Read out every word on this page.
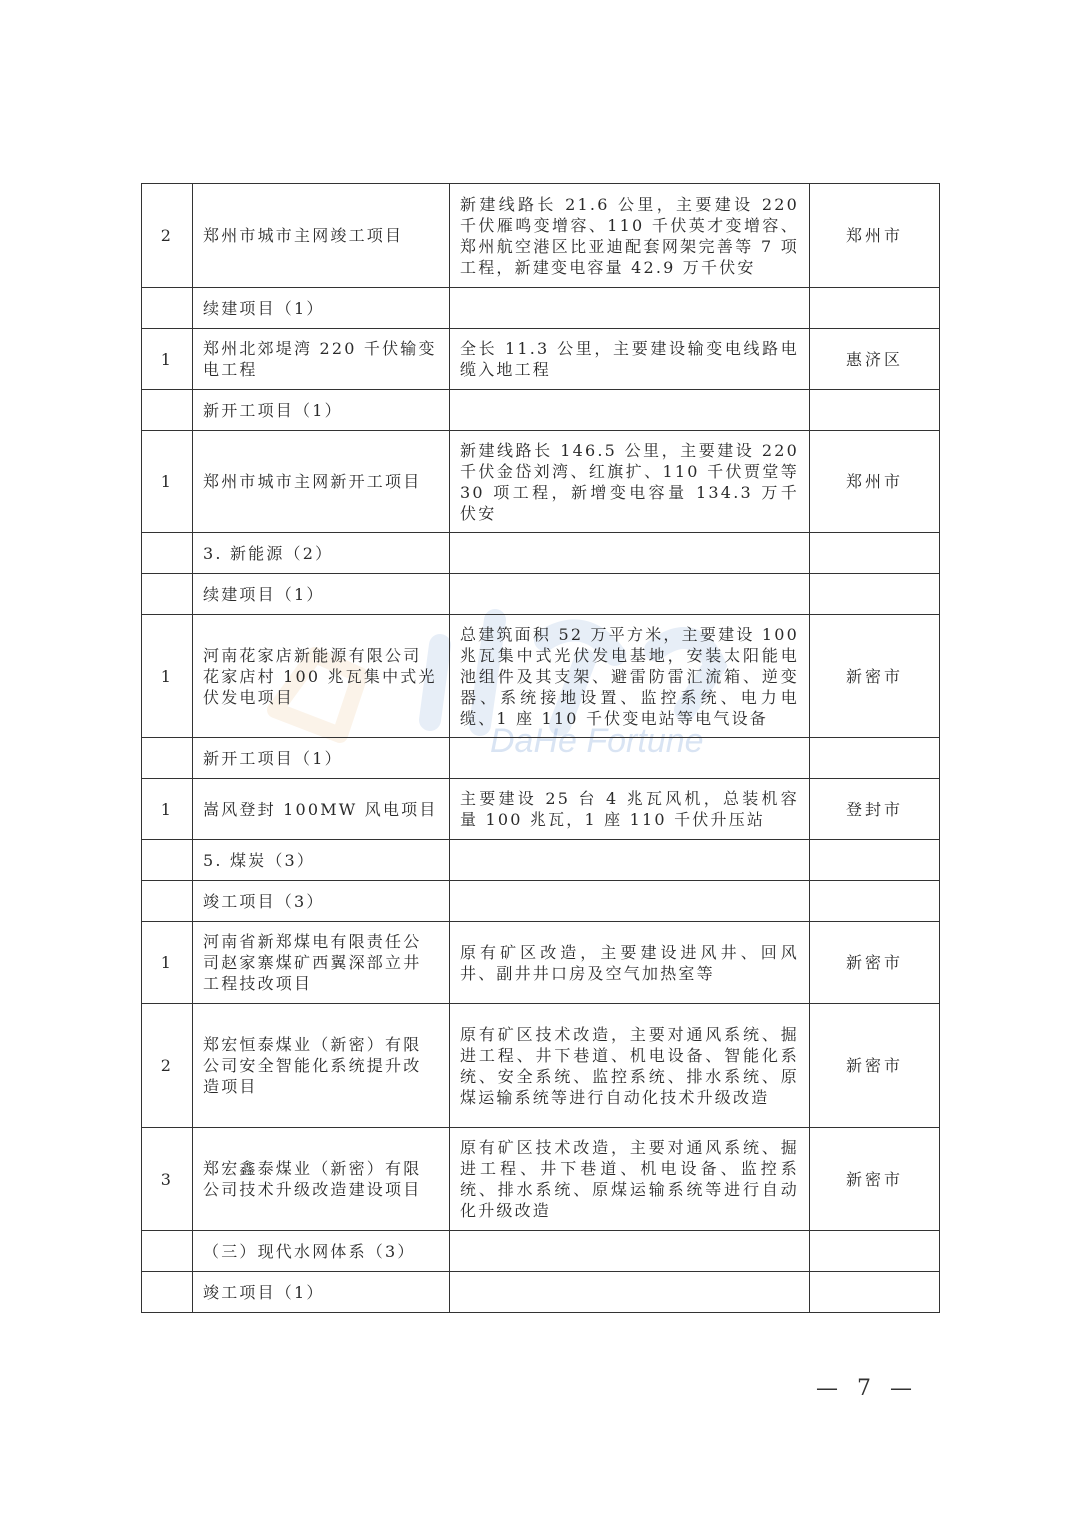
DaHe Fortune
2	郑州市城市主网竣工项目	新建线路长 21.6 公里，主要建设 220 千伏雁鸣变增容、110 千伏英才变增容、郑州航空港区比亚迪配套网架完善等 7 项工程，新建变电容量 42.9 万千伏安	郑州市
	续建项目（1）		
1	郑州北郊堤湾 220 千伏输变电工程	全长 11.3 公里，主要建设输变电线路电缆入地工程	惠济区
	新开工项目（1）		
1	郑州市城市主网新开工项目	新建线路长 146.5 公里，主要建设 220 千伏金岱刘湾、红旗扩、110 千伏贾堂等 30 项工程，新增变电容量 134.3 万千伏安	郑州市
	3. 新能源（2）		
	续建项目（1）		
1	河南花家店新能源有限公司花家店村 100 兆瓦集中式光伏发电项目	总建筑面积 52 万平方米，主要建设 100 兆瓦集中式光伏发电基地，安装太阳能电池组件及其支架、避雷防雷汇流箱、逆变器、系统接地设置、监控系统、电力电缆、1 座 110 千伏变电站等电气设备	新密市
	新开工项目（1）		
1	嵩风登封 100MW 风电项目	主要建设 25 台 4 兆瓦风机，总装机容量 100 兆瓦，1 座 110 千伏升压站	登封市
	5. 煤炭（3）		
	竣工项目（3）		
1	河南省新郑煤电有限责任公司赵家寨煤矿西翼深部立井工程技改项目	原有矿区改造，主要建设进风井、回风井、副井井口房及空气加热室等	新密市
2	郑宏恒泰煤业（新密）有限公司安全智能化系统提升改造项目	原有矿区技术改造，主要对通风系统、掘进工程、井下巷道、机电设备、智能化系统、安全系统、监控系统、排水系统、原煤运输系统等进行自动化技术升级改造	新密市
3	郑宏鑫泰煤业（新密）有限公司技术升级改造建设项目	原有矿区技术改造，主要对通风系统、掘进工程、井下巷道、机电设备、监控系统、排水系统、原煤运输系统等进行自动化升级改造	新密市
	（三）现代水网体系（3）		
	竣工项目（1）		
— 7 —
